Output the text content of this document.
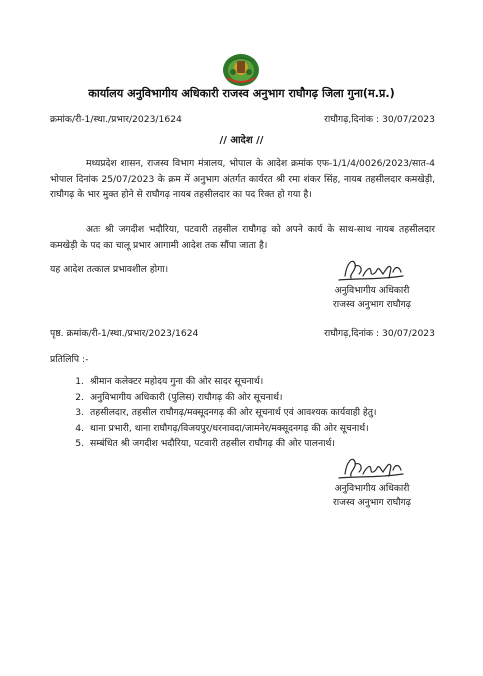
कार्यालय अनुविभागीय अधिकारी राजस्व अनुभाग राघौगढ़ जिला गुना(म.प्र.)
क्रमांक/री-1/स्था./प्रभार/2023/1624	राघौगढ़,दिनांक : 30/07/2023
// आदेश //

मध्यप्रदेश शासन, राजस्व विभाग मंत्रालय, भोपाल के आदेश क्रमांक एफ-1/1/4/0026/2023/सात-4 भोपाल दिनांक 25/07/2023 के क्रम में अनुभाग अंतर्गत कार्यरत श्री रमा शंकर सिंह, नायब तहसीलदार कमखेड़ी, राघौगढ़ के भार मुक्त होने से राघौगढ़ नायब तहसीलदार का पद रिक्त हो गया है।

अतः श्री जगदीश भदौरिया, पटवारी तहसील राघौगढ़ को अपने कार्य के साथ-साथ नायब तहसीलदार कमखेड़ी के पद का चालू प्रभार आगामी आदेश तक सौंपा जाता है।

यह आदेश तत्काल प्रभावशील होगा।

अनुविभागीय अधिकारी
राजस्व अनुभाग राघौगढ़
पृष्ठ. क्रमांक/री-1/स्था./प्रभार/2023/1624	राघौगढ़,दिनांक : 30/07/2023
प्रतिलिपि :-
1. श्रीमान कलेक्टर महोदय गुना की ओर सादर सूचनार्थ।
2. अनुविभागीय अधिकारी (पुलिस) राघौगढ़ की ओर सूचनार्थ।
3. तहसीलदार, तहसील राघौगढ़/मक्सूदनगढ़ की ओर सूचनार्थ एवं आवश्यक कार्यवाही हेतु।
4. थाना प्रभारी, थाना राघौगढ़/विजयपुर/धरनावदा/जामनेर/मक्सूदनगढ़ की ओर सूचनार्थ।
5. सम्बंधित श्री जगदीश भदौरिया, पटवारी तहसील राघौगढ़ की ओर पालनार्थ।
अनुविभागीय अधिकारी
राजस्व अनुभाग राघौगढ़
